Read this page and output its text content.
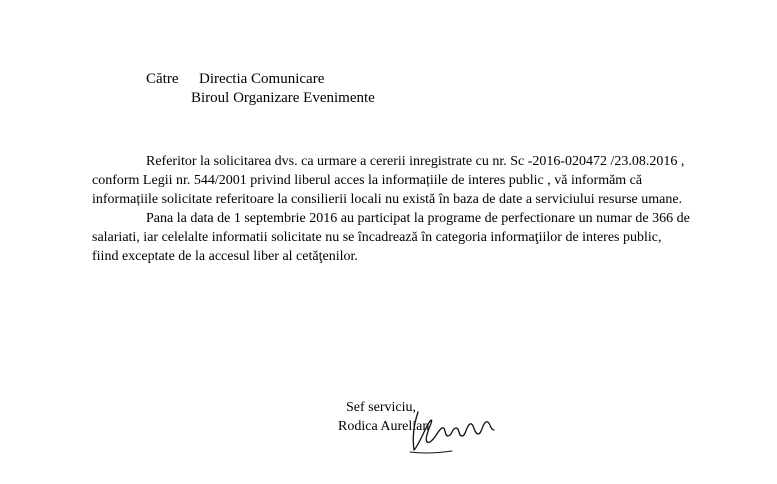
Către Directia Comunicare
Biroul Organizare Evenimente

Referitor la solicitarea dvs. ca urmare a cererii inregistrate cu nr. Sc -2016-020472 /23.08.2016 ,
conform Legii nr. 544/2001 privind liberul acces la informațiile de interes public , vă informăm că
informațiile solicitate referitoare la consilierii locali nu există în baza de date a serviciului resurse umane.

Pana la data de 1 septembrie 2016 au participat la programe de perfectionare un numar de 366 de
salariati, iar celelalte informatii solicitate nu se încadrează în categoria informaţiilor de interes public,
fiind exceptate de la accesul liber al cetăţenilor.

Sef serviciu,
Rodica Aurelian
